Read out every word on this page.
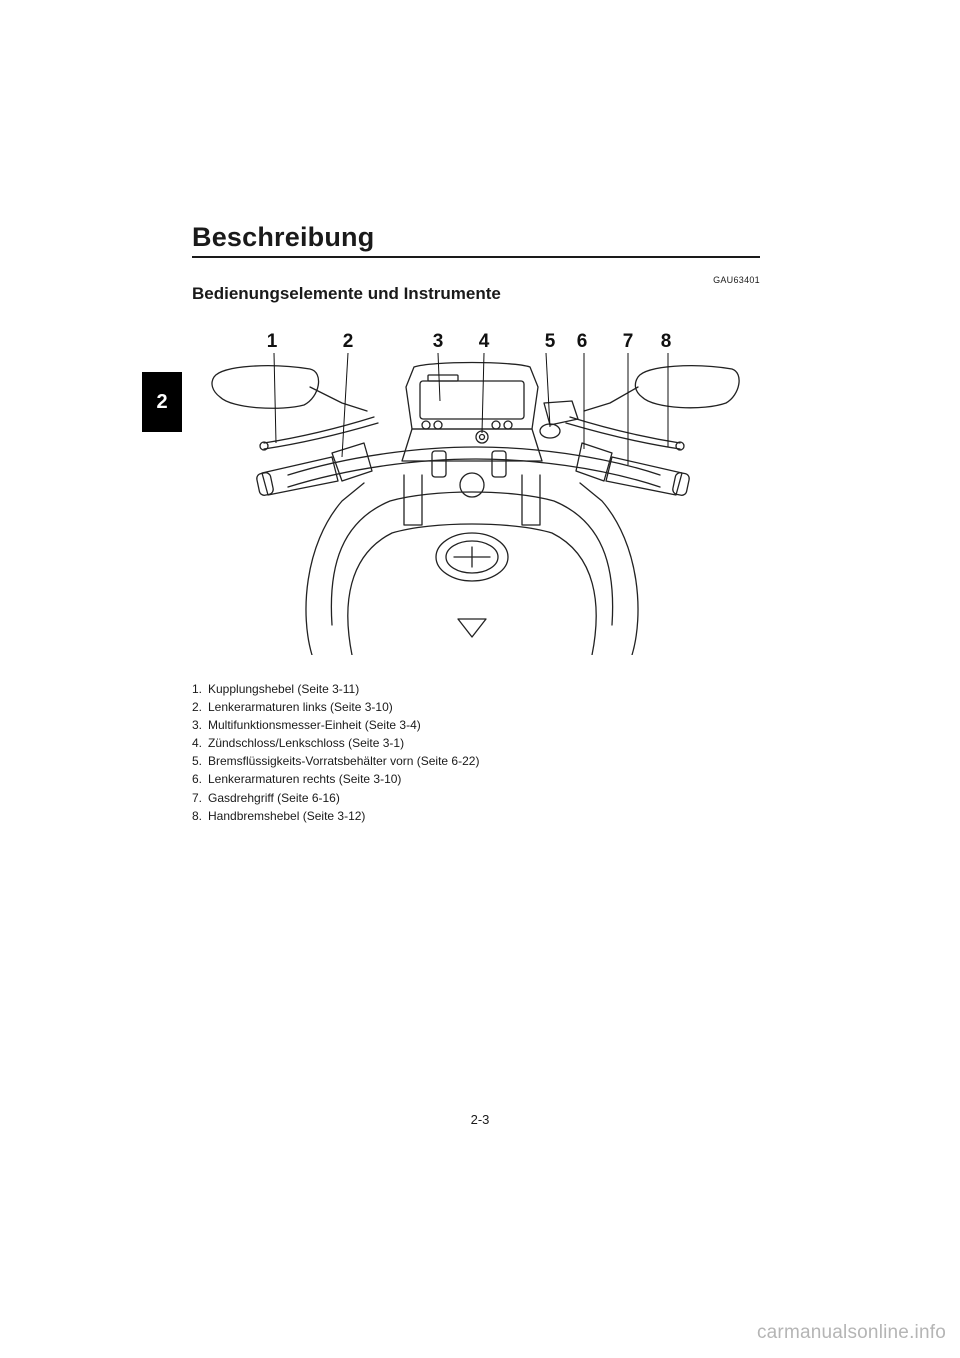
2
Beschreibung
GAU63401
Bedienungselemente und Instrumente
1	2	3 4	5 6 7 8
1. Kupplungshebel (Seite 3-11)
2. Lenkerarmaturen links (Seite 3-10)
3. Multifunktionsmesser-Einheit (Seite 3-4)
4. Zündschloss/Lenkschloss (Seite 3-1)
5. Bremsflüssigkeits-Vorratsbehälter vorn (Seite 6-22)
6. Lenkerarmaturen rechts (Seite 3-10)
7. Gasdrehgriff (Seite 6-16)
8. Handbremshebel (Seite 3-12)
2-3
carmanualsonline.info
